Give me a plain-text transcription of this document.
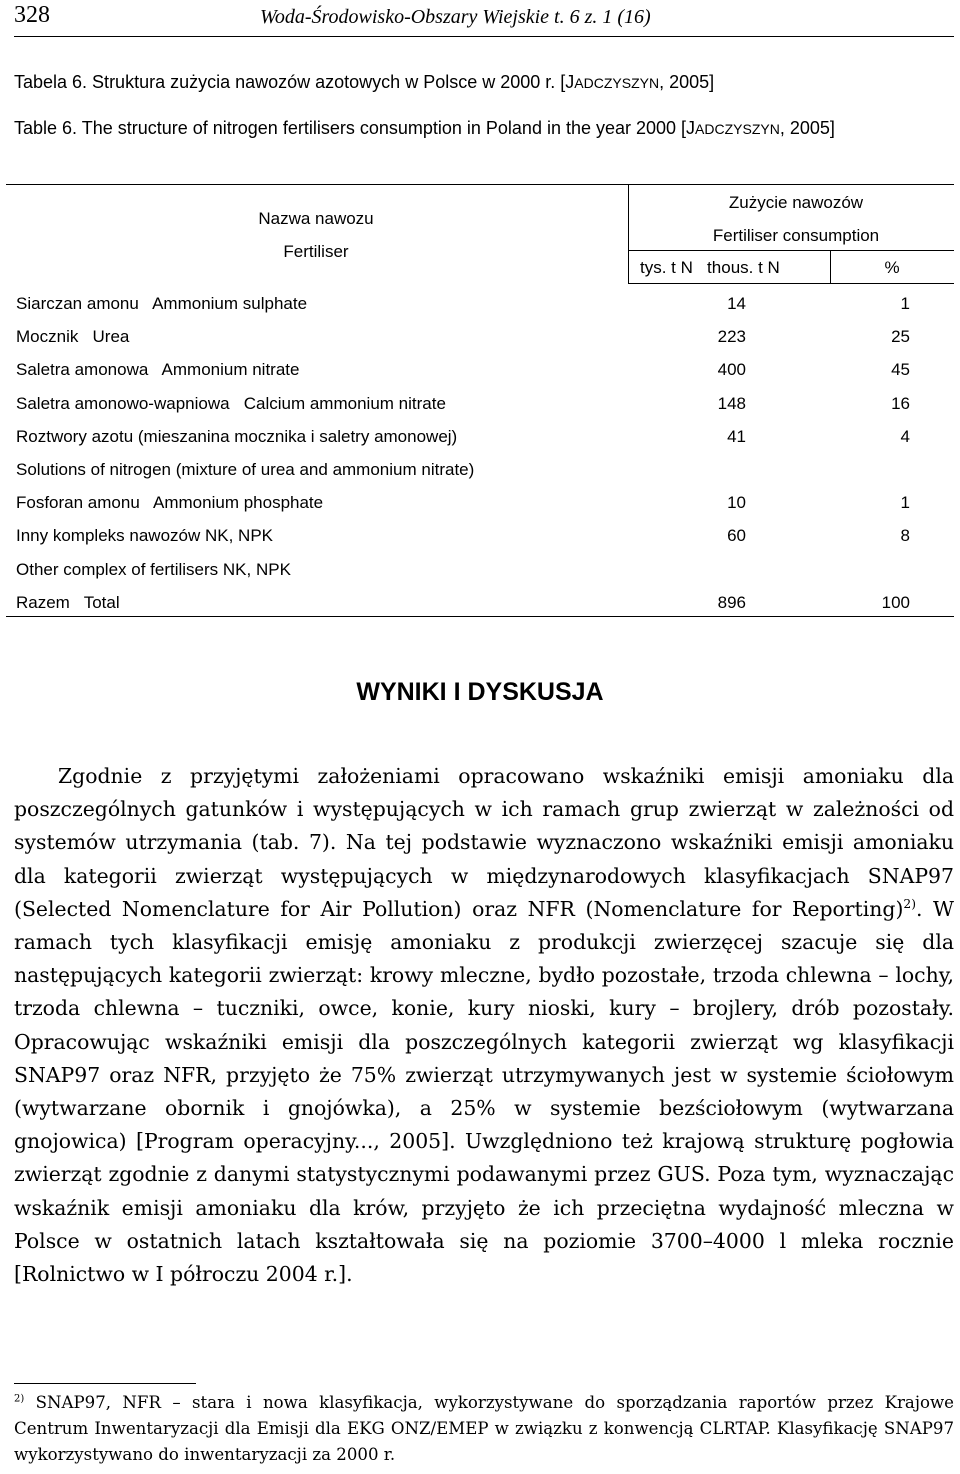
328	Woda-Środowisko-Obszary Wiejskie t. 6 z. 1 (16)
Tabela 6. Struktura zużycia nawozów azotowych w Polsce w 2000 r. [JADCZYSZYN, 2005]
Table 6. The structure of nitrogen fertilisers consumption in Poland in the year 2000 [JADCZYSZYN, 2005]
Nazwa nawozu
Fertiliser
Zużycie nawozów
Fertiliser consumption
tys. t N   thous. t N	%
Siarczan amonu   Ammonium sulphate	14	1
Mocznik   Urea	223	25
Saletra amonowa   Ammonium nitrate	400	45
Saletra amonowo-wapniowa   Calcium ammonium nitrate	148	16
Roztwory azotu (mieszanina mocznika i saletry amonowej)	41	4
Solutions of nitrogen (mixture of urea and ammonium nitrate)
Fosforan amonu   Ammonium phosphate	10	1
Inny kompleks nawozów NK, NPK	60	8
Other complex of fertilisers NK, NPK
Razem   Total	896	100
WYNIKI I DYSKUSJA

Zgodnie z przyjętymi założeniami opracowano wskaźniki emisji amoniaku dla poszczególnych gatunków i występujących w ich ramach grup zwierząt w zależności od systemów utrzymania (tab. 7). Na tej podstawie wyznaczono wskaźniki emisji amoniaku dla kategorii zwierząt występujących w międzynarodowych klasyfikacjach SNAP97 (Selected Nomenclature for Air Pollution) oraz NFR (Nomenclature for Reporting)$^{2)}$. W ramach tych klasyfikacji emisję amoniaku z produkcji zwierzęcej szacuje się dla następujących kategorii zwierząt: krowy mleczne, bydło pozostałe, trzoda chlewna – lochy, trzoda chlewna – tuczniki, owce, konie, kury nioski, kury – brojlery, drób pozostały. Opracowując wskaźniki emisji dla poszczególnych kategorii zwierząt wg klasyfikacji SNAP97 oraz NFR, przyjęto że 75% zwierząt utrzymywanych jest w systemie ściołowym (wytwarzane obornik i gnojówka), a 25% w systemie bezściołowym (wytwarzana gnojowica) [Program operacyjny..., 2005]. Uwzględniono też krajową strukturę pogłowia zwierząt zgodnie z danymi statystycznymi podawanymi przez GUS. Poza tym, wyznaczając wskaźnik emisji amoniaku dla krów, przyjęto że ich przeciętna wydajność mleczna w Polsce w ostatnich latach kształtowała się na poziomie 3700–4000 l mleka rocznie [Rolnictwo w I półroczu 2004 r.].

$^{2)}$ SNAP97, NFR – stara i nowa klasyfikacja, wykorzystywane do sporządzania raportów przez Krajowe Centrum Inwentaryzacji dla Emisji dla EKG ONZ/EMEP w związku z konwencją CLRTAP. Klasyfikację SNAP97 wykorzystywano do inwentaryzacji za 2000 r.
